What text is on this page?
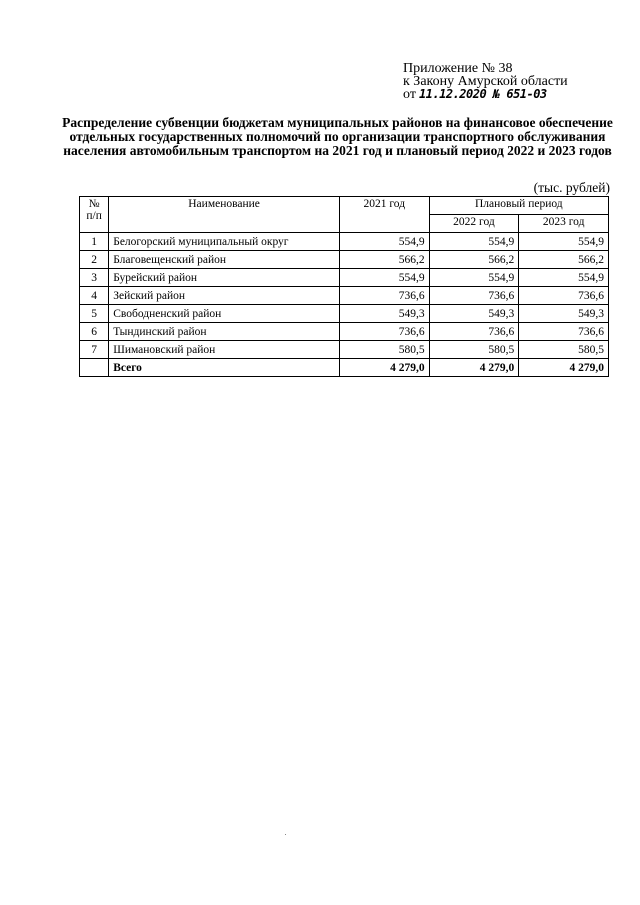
Приложение № 38
к Закону Амурской области
от 11.12.2020 № 651-03
Распределение субвенции бюджетам муниципальных районов на финансовое обеспечение отдельных государственных полномочий по организации транспортного обслуживания населения автомобильным транспортом на 2021 год и плановый период 2022 и 2023 годов
(тыс. рублей)
№ п/п	Наименование	2021 год	Плановый период	
			2022 год	2023 год
1	Белогорский муниципальный округ	554,9	554,9	554,9
2	Благовещенский район	566,2	566,2	566,2
3	Бурейский район	554,9	554,9	554,9
4	Зейский район	736,6	736,6	736,6
5	Свободненский район	549,3	549,3	549,3
6	Тындинский район	736,6	736,6	736,6
7	Шимановский район	580,5	580,5	580,5
	Всего	4 279,0	4 279,0	4 279,0
